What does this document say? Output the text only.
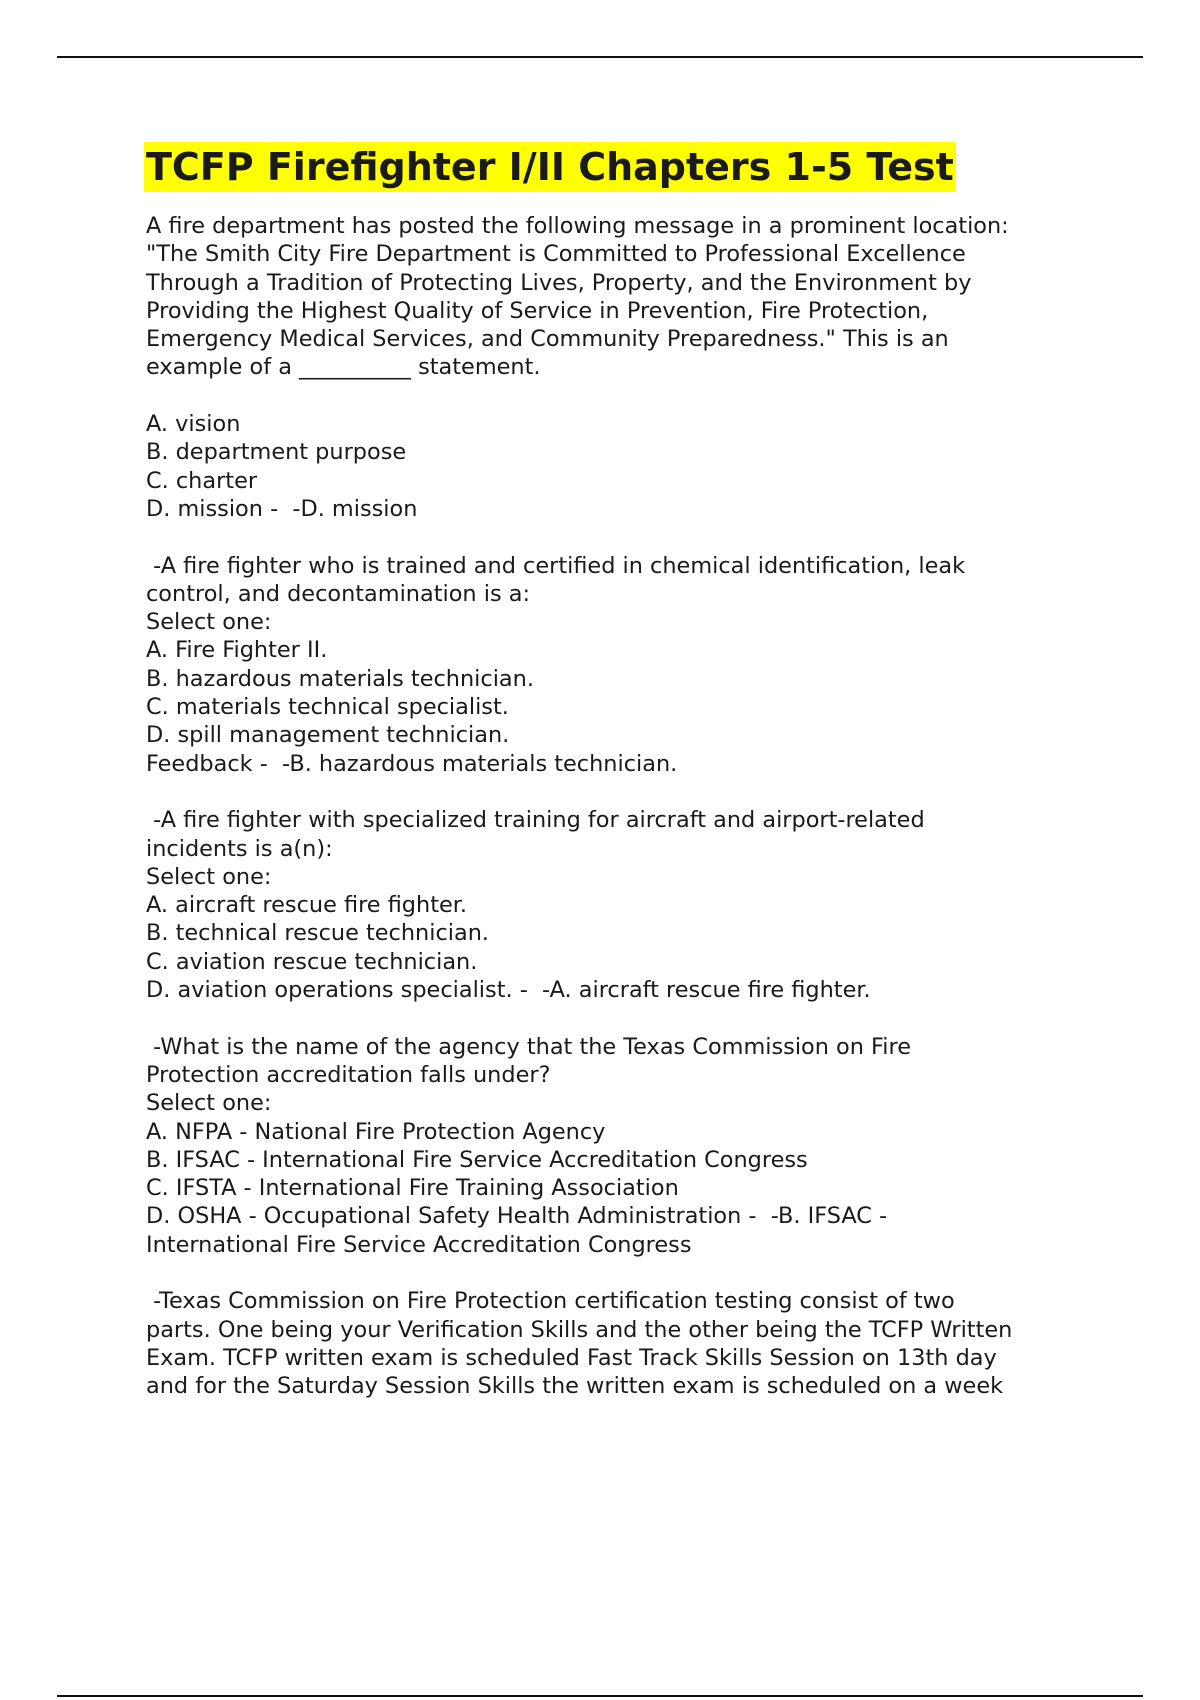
TCFP Firefighter I/II Chapters 1-5 Test
A fire department has posted the following message in a prominent location:
"The Smith City Fire Department is Committed to Professional Excellence
Through a Tradition of Protecting Lives, Property, and the Environment by
Providing the Highest Quality of Service in Prevention, Fire Protection,
Emergency Medical Services, and Community Preparedness." This is an
example of a __________ statement.
A. vision
B. department purpose
C. charter
D. mission -  -D. mission
-A fire fighter who is trained and certified in chemical identification, leak
control, and decontamination is a:
Select one:
A. Fire Fighter II.
B. hazardous materials technician.
C. materials technical specialist.
D. spill management technician.
Feedback -  -B. hazardous materials technician.
-A fire fighter with specialized training for aircraft and airport-related
incidents is a(n):
Select one:
A. aircraft rescue fire fighter.
B. technical rescue technician.
C. aviation rescue technician.
D. aviation operations specialist. -  -A. aircraft rescue fire fighter.
-What is the name of the agency that the Texas Commission on Fire
Protection accreditation falls under?
Select one:
A. NFPA - National Fire Protection Agency
B. IFSAC - International Fire Service Accreditation Congress
C. IFSTA - International Fire Training Association
D. OSHA - Occupational Safety Health Administration -  -B. IFSAC -
International Fire Service Accreditation Congress
-Texas Commission on Fire Protection certification testing consist of two
parts. One being your Verification Skills and the other being the TCFP Written
Exam. TCFP written exam is scheduled Fast Track Skills Session on 13th day
and for the Saturday Session Skills the written exam is scheduled on a week
